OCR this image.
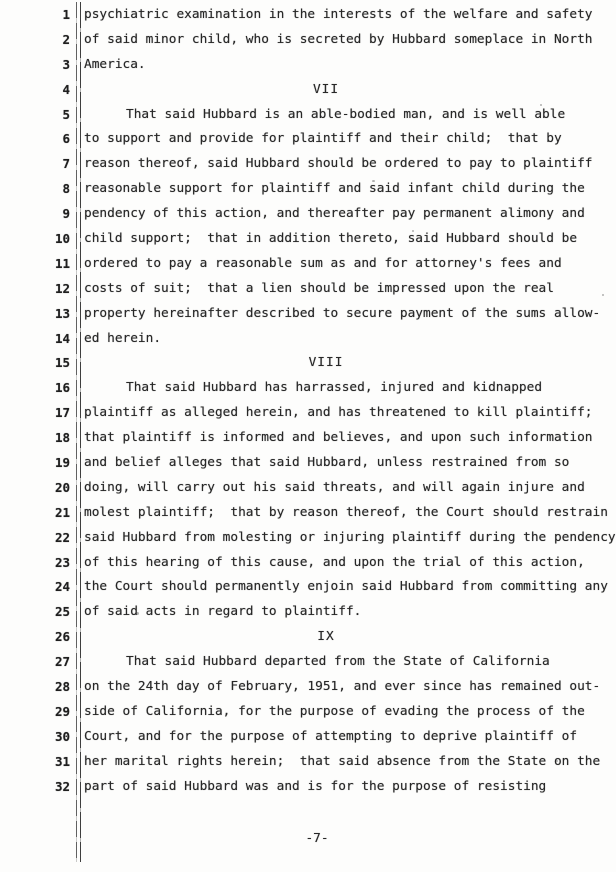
1 psychiatric examination in the interests of the welfare and safety
2 of said minor child, who is secreted by Hubbard someplace in North
3 America.
4	VII
5	That said Hubbard is an able-bodied man, and is well able
6 to support and provide for plaintiff and their child;  that by
7 reason thereof, said Hubbard should be ordered to pay to plaintiff
8 reasonable support for plaintiff and said infant child during the
9 pendency of this action, and thereafter pay permanent alimony and
10 child support;  that in addition thereto, said Hubbard should be
11 ordered to pay a reasonable sum as and for attorney's fees and
12 costs of suit;  that a lien should be impressed upon the real
13 property hereinafter described to secure payment of the sums allow-
14 ed herein.
15	VIII
16	That said Hubbard has harrassed, injured and kidnapped
17 plaintiff as alleged herein, and has threatened to kill plaintiff;
18 that plaintiff is informed and believes, and upon such information
19 and belief alleges that said Hubbard, unless restrained from so
20 doing, will carry out his said threats, and will again injure and
21 molest plaintiff;  that by reason thereof, the Court should restrain
22 said Hubbard from molesting or injuring plaintiff during the pendency
23 of this hearing of this cause, and upon the trial of this action,
24 the Court should permanently enjoin said Hubbard from committing any
25 of said acts in regard to plaintiff.
26	IX
27	That said Hubbard departed from the State of California
28 on the 24th day of February, 1951, and ever since has remained out-
29 side of California, for the purpose of evading the process of the
30 Court, and for the purpose of attempting to deprive plaintiff of
31 her marital rights herein;  that said absence from the State on the
32 part of said Hubbard was and is for the purpose of resisting
-7-
